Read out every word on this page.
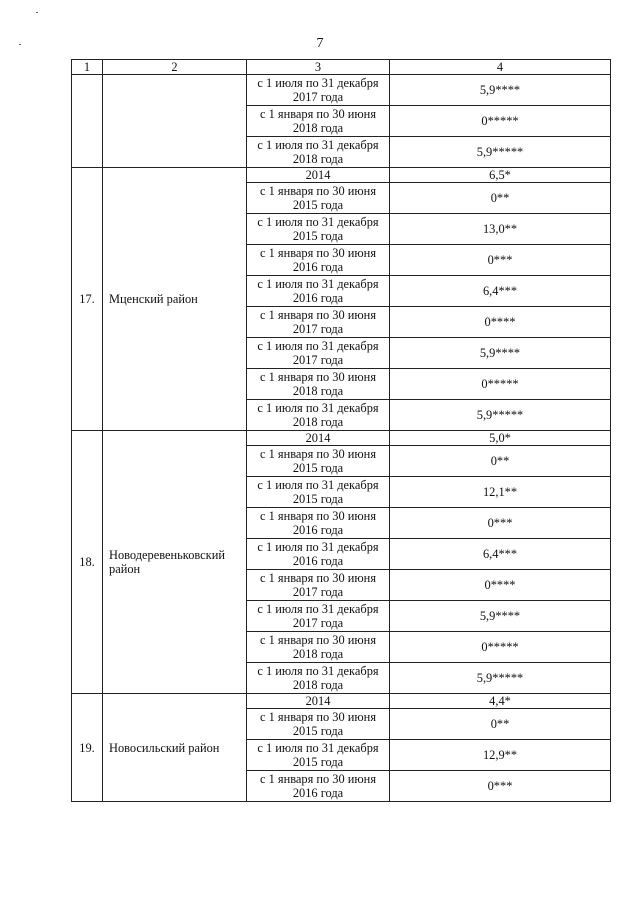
7
1	2	3	4
		с 1 июля по 31 декабря
2017 года	5,9****
		с 1 января по 30 июня
2018 года	0*****
		с 1 июля по 31 декабря
2018 года	5,9*****
17.	Мценский район	2014	6,5*
		с 1 января по 30 июня
2015 года	0**
		с 1 июля по 31 декабря
2015 года	13,0**
		с 1 января по 30 июня
2016 года	0***
		с 1 июля по 31 декабря
2016 года	6,4***
		с 1 января по 30 июня
2017 года	0****
		с 1 июля по 31 декабря
2017 года	5,9****
		с 1 января по 30 июня
2018 года	0*****
		с 1 июля по 31 декабря
2018 года	5,9*****
18.	Новодеревеньковский район	2014	5,0*
		с 1 января по 30 июня
2015 года	0**
		с 1 июля по 31 декабря
2015 года	12,1**
		с 1 января по 30 июня
2016 года	0***
		с 1 июля по 31 декабря
2016 года	6,4***
		с 1 января по 30 июня
2017 года	0****
		с 1 июля по 31 декабря
2017 года	5,9****
		с 1 января по 30 июня
2018 года	0*****
		с 1 июля по 31 декабря
2018 года	5,9*****
19.	Новосильский район	2014	4,4*
		с 1 января по 30 июня
2015 года	0**
		с 1 июля по 31 декабря
2015 года	12,9**
		с 1 января по 30 июня
2016 года	0***
